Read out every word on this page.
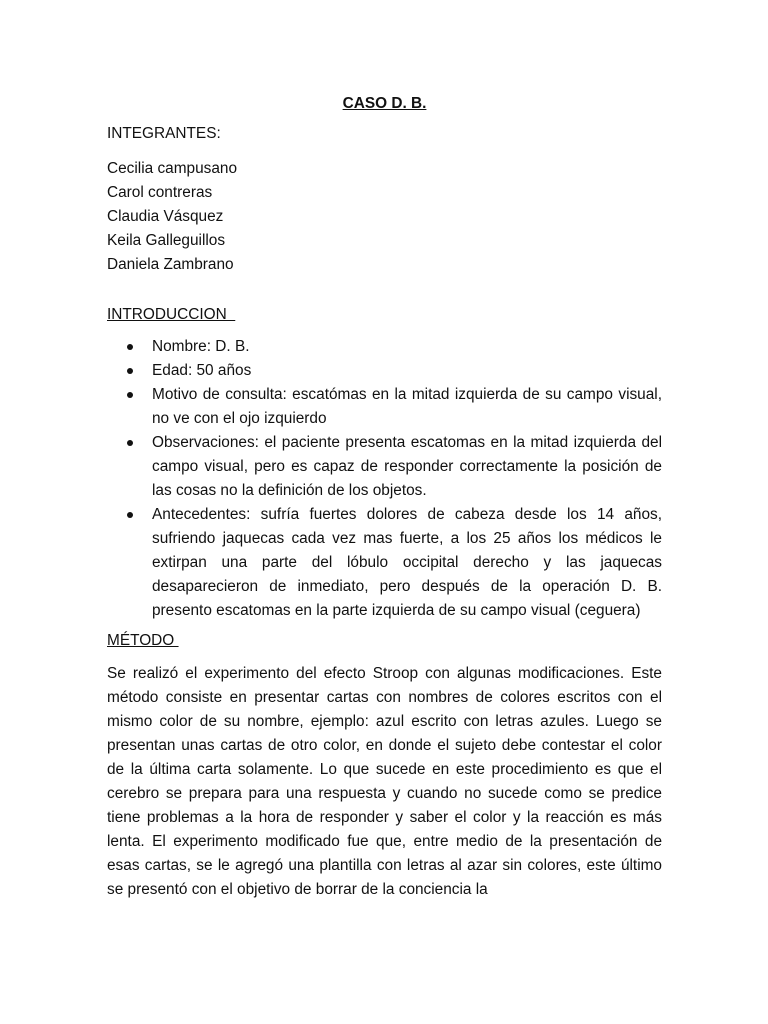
CASO D. B.

INTEGRANTES:

Cecilia campusano
Carol contreras
Claudia Vásquez
Keila Galleguillos
Daniela Zambrano

INTRODUCCION

Nombre: D. B.
Edad: 50 años
Motivo de consulta: escatómas en la mitad izquierda de su campo visual, no ve con el ojo izquierdo
Observaciones: el paciente presenta escatomas en la mitad izquierda del campo visual, pero es capaz de responder correctamente la posición de las cosas no la definición de los objetos.
Antecedentes: sufría fuertes dolores de cabeza desde los 14 años, sufriendo jaquecas cada vez mas fuerte, a los 25 años los médicos le extirpan una parte del lóbulo occipital derecho y las jaquecas desaparecieron de inmediato, pero después de la operación D. B. presento escatomas en la parte izquierda de su campo visual (ceguera)

MÉTODO

Se realizó el experimento del efecto Stroop con algunas modificaciones. Este método consiste en presentar cartas con nombres de colores escritos con el mismo color de su nombre, ejemplo: azul escrito con letras azules. Luego se presentan unas cartas de otro color, en donde el sujeto debe contestar el color de la última carta solamente. Lo que sucede en este procedimiento es que el cerebro se prepara para una respuesta y cuando no sucede como se predice tiene problemas a la hora de responder y saber el color y la reacción es más lenta. El experimento modificado fue que, entre medio de la presentación de esas cartas, se le agregó una plantilla con letras al azar sin colores, este último se presentó con el objetivo de borrar de la conciencia la
